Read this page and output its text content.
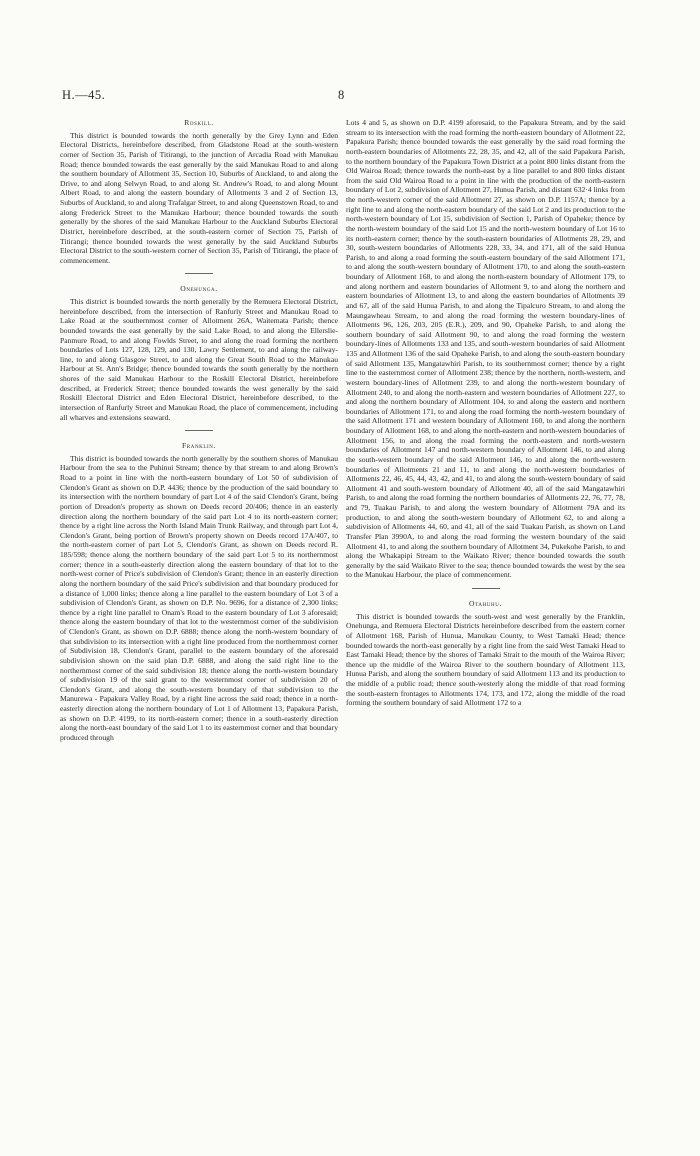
H.—45.	8
Roskill.

This district is bounded towards the north generally by the Grey Lynn and Eden Electoral Districts, hereinbefore described, from Gladstone Road at the south-western corner of Section 35, Parish of Titirangi, to the junction of Arcadia Road with Manukau Road; thence bounded towards the east generally by the said Manukau Road to and along the southern boundary of Allotment 35, Section 10, Suburbs of Auckland, to and along the Drive, to and along Selwyn Road, to and along St. Andrew's Road, to and along Mount Albert Road, to and along the eastern boundary of Allotments 3 and 2 of Section 13, Suburbs of Auckland, to and along Trafalgar Street, to and along Queenstown Road, to and along Frederick Street to the Manukau Harbour; thence bounded towards the south generally by the shores of the said Manukau Harbour to the Auckland Suburbs Electoral District, hereinbefore described, at the south-eastern corner of Section 75, Parish of Titirangi; thence bounded towards the west generally by the said Auckland Suburbs Electoral District to the south-western corner of Section 35, Parish of Titirangi, the place of commencement.

Onehunga.

This district is bounded towards the north generally by the Remuera Electoral District, hereinbefore described, from the intersection of Ranfurly Street and Manukau Road to Lake Road at the southernmost corner of Allotment 26A, Waitemata Parish; thence bounded towards the east generally by the said Lake Road, to and along the Ellerslie-Panmure Road, to and along Fowlds Street, to and along the road forming the northern boundaries of Lots 127, 128, 129, and 130, Lawry Settlement, to and along the railway-line, to and along Glasgow Street, to and along the Great South Road to the Manukau Harbour at St. Ann's Bridge; thence bounded towards the south generally by the northern shores of the said Manukau Harbour to the Roskill Electoral District, hereinbefore described, at Frederick Street; thence bounded towards the west generally by the said Roskill Electoral District and Eden Electoral District, hereinbefore described, to the intersection of Ranfurly Street and Manukau Road, the place of commencement, including all wharves and extensions seaward.

Franklin.

This district is bounded towards the north generally by the southern shores of Manukau Harbour from the sea to the Puhinui Stream; thence by that stream to and along Brown's Road to a point in line with the north-eastern boundary of Lot 50 of subdivision of Clendon's Grant as shown on D.P. 4436; thence by the production of the said boundary to its intersection with the northern boundary of part Lot 4 of the said Clendon's Grant, being portion of Dreadon's property as shown on Deeds record 20/406; thence in an easterly direction along the northern boundary of the said part Lot 4 to its north-eastern corner; thence by a right line across the North Island Main Trunk Railway, and through part Lot 4, Clendon's Grant, being portion of Brown's property shown on Deeds record 17A/407, to the north-eastern corner of part Lot 5, Clendon's Grant, as shown on Deeds record R. 185/598; thence along the northern boundary of the said part Lot 5 to its northernmost corner; thence in a south-easterly direction along the eastern boundary of that lot to the north-west corner of Price's subdivision of Clendon's Grant; thence in an easterly direction along the northern boundary of the said Price's subdivision and that boundary produced for a distance of 1,000 links; thence along a line parallel to the eastern boundary of Lot 3 of a subdivision of Clendon's Grant, as shown on D.P. No. 9696, for a distance of 2,300 links; thence by a right line parallel to Onam's Road to the eastern boundary of Lot 3 aforesaid; thence along the eastern boundary of that lot to the westernmost corner of the subdivision of Clendon's Grant, as shown on D.P. 6888; thence along the north-western boundary of that subdivision to its intersection with a right line produced from the northernmost corner of Subdivision 18, Clendon's Grant, parallel to the eastern boundary of the aforesaid subdivision shown on the said plan D.P. 6888, and along the said right line to the northernmost corner of the said subdivision 18; thence along the north-western boundary of subdivision 19 of the said grant to the westernmost corner of subdivision 20 of Clendon's Grant, and along the south-western boundary of that subdivision to the Manurewa - Papakura Valley Road, by a right line across the said road; thence in a north-easterly direction along the northern boundary of Lot 1 of Allotment 13, Papakura Parish, as shown on D.P. 4199, to its north-eastern corner; thence in a south-easterly direction along the north-east boundary of the said Lot 1 to its easternmost corner and that boundary produced through

Lots 4 and 5, as shown on D.P. 4199 aforesaid, to the Papakura Stream, and by the said stream to its intersection with the road forming the north-eastern boundary of Allotment 22, Papakura Parish; thence bounded towards the east generally by the said road forming the north-eastern boundaries of Allotments 22, 28, 35, and 42, all of the said Papakura Parish, to the northern boundary of the Papakura Town District at a point 800 links distant from the Old Wairoa Road; thence towards the north-east by a line parallel to and 800 links distant from the said Old Wairoa Road to a point in line with the production of the north-eastern boundary of Lot 2, subdivision of Allotment 27, Hunua Parish, and distant 632·4 links from the north-western corner of the said Allotment 27, as shown on D.P. 1157A; thence by a right line to and along the north-eastern boundary of the said Lot 2 and its production to the north-western boundary of Lot 15, subdivision of Section 1, Parish of Opaheke; thence by the north-western boundary of the said Lot 15 and the north-western boundary of Lot 16 to its north-eastern corner; thence by the south-eastern boundaries of Allotments 28, 29, and 30, south-western boundaries of Allotments 228, 33, 34, and 171, all of the said Hunua Parish, to and along a road forming the south-eastern boundary of the said Allotment 171, to and along the south-western boundary of Allotment 170, to and along the south-eastern boundary of Allotment 168, to and along the north-eastern boundary of Allotment 179, to and along northern and eastern boundaries of Allotment 9, to and along the northern and eastern boundaries of Allotment 13, to and along the eastern boundaries of Allotments 39 and 67, all of the said Hunua Parish, to and along the Tipalcuro Stream, to and along the Maungawheau Stream, to and along the road forming the western boundary-lines of Allotments 96, 126, 203, 205 (E.R.), 209, and 90, Opaheke Parish, to and along the southern boundary of said Allotment 90, to and along the road forming the western boundary-lines of Allotments 133 and 135, and south-western boundaries of said Allotment 135 and Allotment 136 of the said Opaheke Parish, to and along the south-eastern boundary of said Allotment 135, Mangatawhiri Parish, to its southernmost corner; thence by a right line to the easternmost corner of Allotment 238; thence by the northern, north-western, and western boundary-lines of Allotment 239, to and along the north-western boundary of Allotment 240, to and along the north-eastern and western boundaries of Allotment 227, to and along the northern boundary of Allotment 104, to and along the eastern and northern boundaries of Allotment 171, to and along the road forming the north-western boundary of the said Allotment 171 and western boundary of Allotment 160, to and along the northern boundary of Allotment 168, to and along the north-eastern and north-western boundaries of Allotment 156, to and along the road forming the north-eastern and north-western boundaries of Allotment 147 and north-western boundary of Allotment 146, to and along the south-western boundary of the said Allotment 146, to and along the north-western boundaries of Allotments 21 and 11, to and along the north-western boundaries of Allotments 22, 46, 45, 44, 43, 42, and 41, to and along the south-western boundary of said Allotment 41 and south-western boundary of Allotment 40, all of the said Mangatawhiri Parish, to and along the road forming the northern boundaries of Allotments 22, 76, 77, 78, and 79, Tuakau Parish, to and along the western boundary of Allotment 79A and its production, to and along the south-western boundary of Allotment 62, to and along a subdivision of Allotments 44, 60, and 41, all of the said Tuakau Parish, as shown on Land Transfer Plan 3990A, to and along the road forming the western boundary of the said Allotment 41, to and along the southern boundary of Allotment 34, Pukekohe Parish, to and along the Whakapipi Stream to the Waikato River; thence bounded towards the south generally by the said Waikato River to the sea; thence bounded towards the west by the sea to the Manukau Harbour, the place of commencement.

Otahuhu.

This district is bounded towards the south-west and west generally by the Franklin, Onehunga, and Remuera Electoral Districts hereinbefore described from the eastern corner of Allotment 168, Parish of Hunua, Manukau County, to West Tamaki Head; thence bounded towards the north-east generally by a right line from the said West Tamaki Head to East Tamaki Head; thence by the shores of Tamaki Strait to the mouth of the Wairoa River; thence up the middle of the Wairoa River to the southern boundary of Allotment 113, Hunua Parish, and along the southern boundary of said Allotment 113 and its production to the middle of a public road; thence south-westerly along the middle of that road forming the south-eastern frontages to Allotments 174, 173, and 172, along the middle of the road forming the southern boundary of said Allotment 172 to a
